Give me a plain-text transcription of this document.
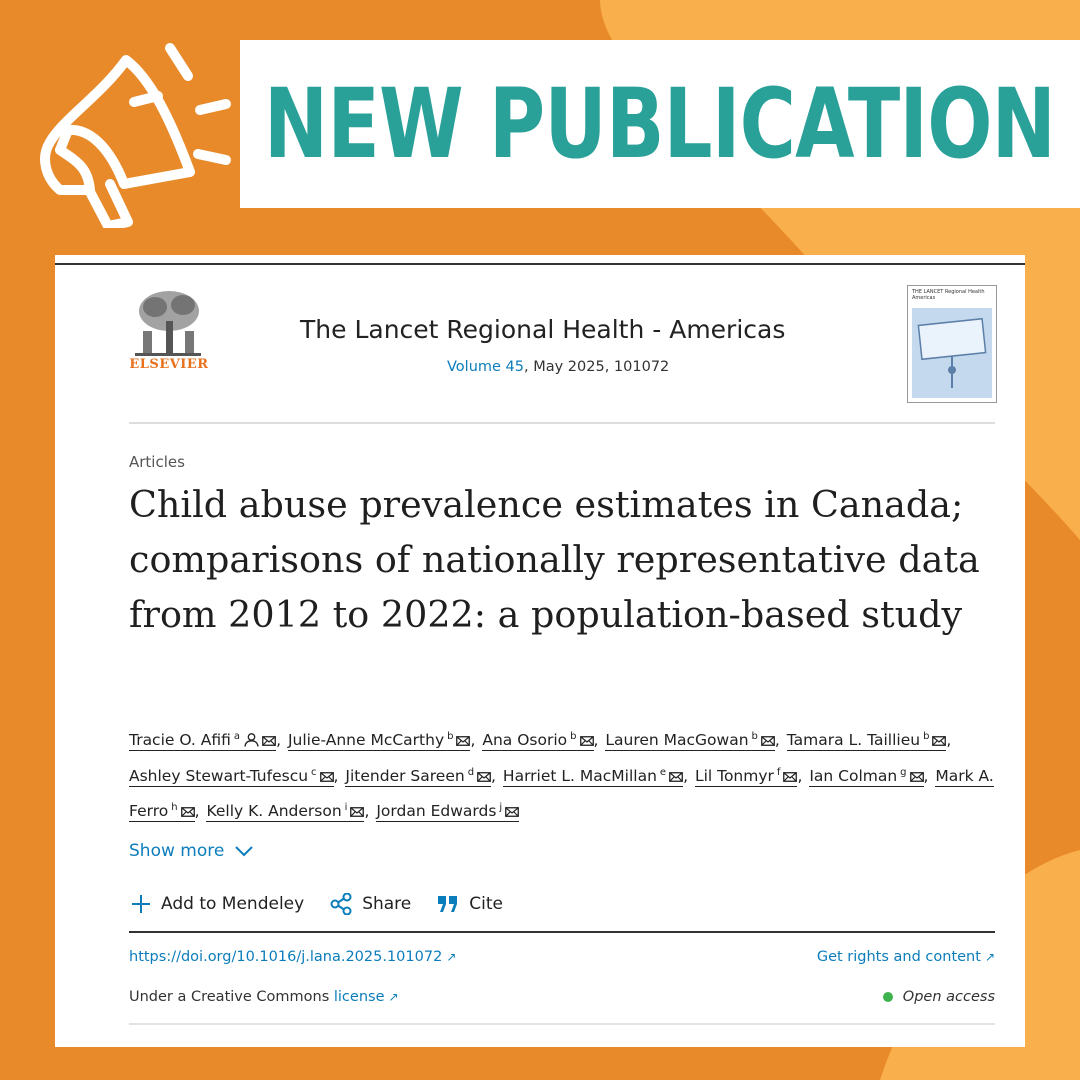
NEW PUBLICATION
ELSEVIER
The Lancet Regional Health - Americas
Volume 45, May 2025, 101072
THE LANCET Regional Health Americas
Articles
Child abuse prevalence estimates in Canada; comparisons of nationally representative data from 2012 to 2022: a population-based study
Tracie O. Afifi $^a$ , Julie-Anne McCarthy $^b$ , Ana Osorio $^b$ , Lauren MacGowan $^b$ , Tamara L. Taillieu $^b$ , Ashley Stewart-Tufescu $^c$ , Jitender Sareen $^d$ , Harriet L. MacMillan $^e$ , Lil Tonmyr $^f$ , Ian Colman $^g$ , Mark A. Ferro $^h$ , Kelly K. Anderson $^i$ , Jordan Edwards $^j$
Show more
Add to Mendeley	Share	Cite
https://doi.org/10.1016/j.lana.2025.101072 ↗	Get rights and content ↗
Under a Creative Commons license ↗	Open access
